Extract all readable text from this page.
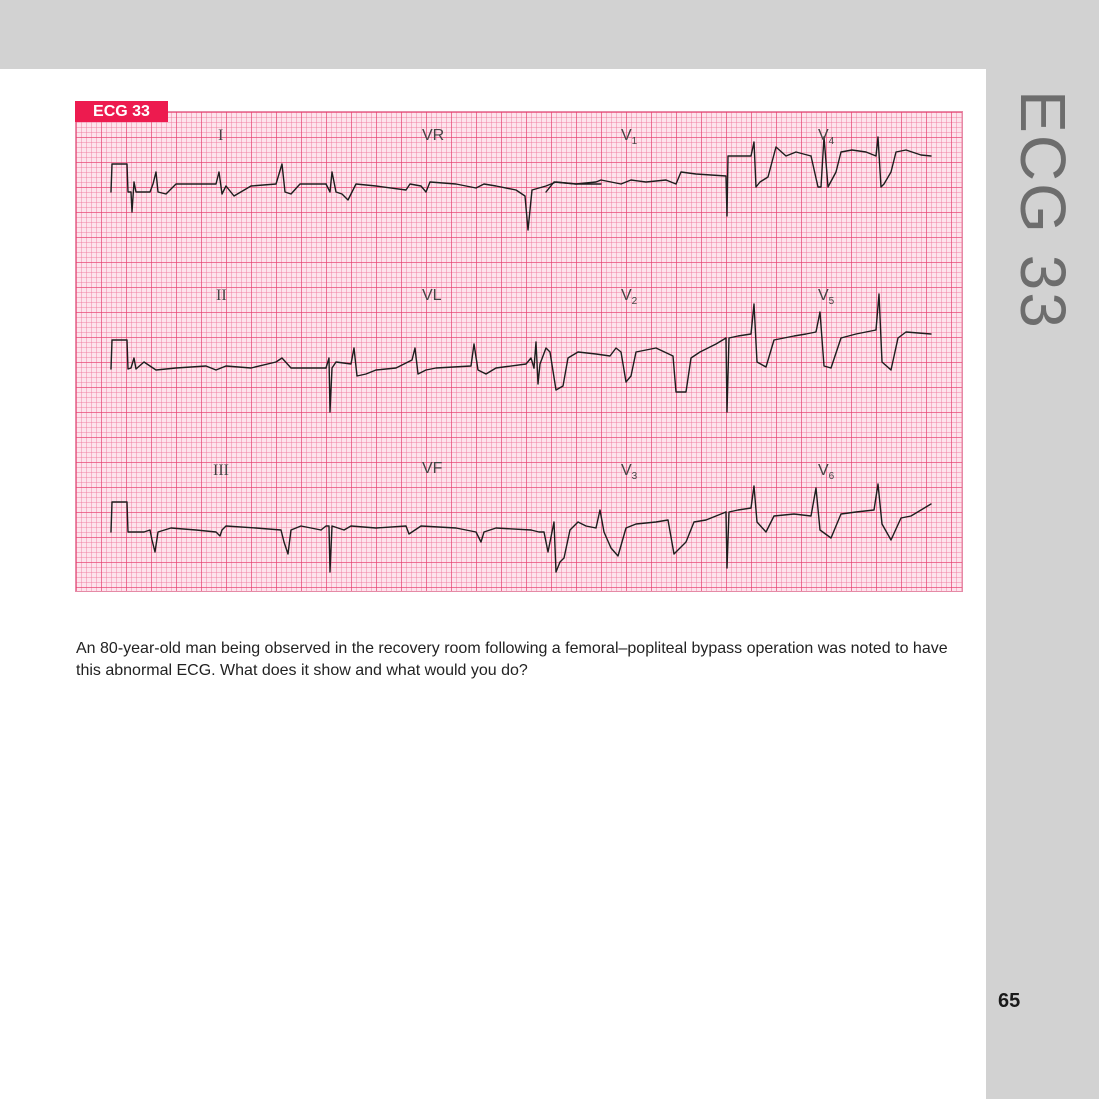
ECG 33
ECG 33
I	VR	$V_1$	$V_4$
II	VL	$V_2$	$V_5$
III	VF	$V_3$	$V_6$

An 80-year-old man being observed in the recovery room following a femoral–popliteal bypass operation was noted to have this abnormal ECG. What does it show and what would you do?

65
